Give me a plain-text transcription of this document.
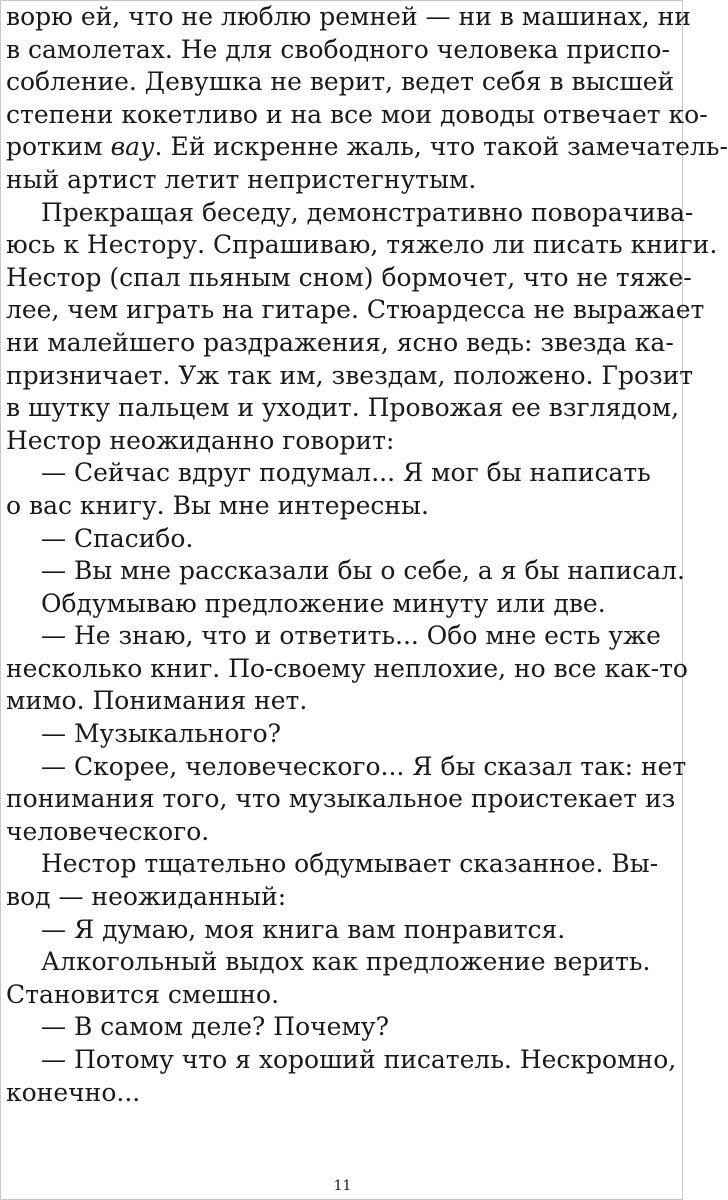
ворю ей, что не люблю ремней — ни в машинах, ни
в самолетах. Не для свободного человека приспо-
собление. Девушка не верит, ведет себя в высшей
степени кокетливо и на все мои доводы отвечает ко-
ротким вау. Ей искренне жаль, что такой замечатель-
ный артист летит непристегнутым.
Прекращая беседу, демонстративно поворачива-
юсь к Нестору. Спрашиваю, тяжело ли писать книги.
Нестор (спал пьяным сном) бормочет, что не тяже-
лее, чем играть на гитаре. Стюардесса не выражает
ни малейшего раздражения, ясно ведь: звезда ка-
призничает. Уж так им, звездам, положено. Грозит
в шутку пальцем и уходит. Провожая ее взглядом,
Нестор неожиданно говорит:
— Сейчас вдруг подумал... Я мог бы написать
о вас книгу. Вы мне интересны.
— Спасибо.
— Вы мне рассказали бы о себе, а я бы написал.
Обдумываю предложение минуту или две.
— Не знаю, что и ответить... Обо мне есть уже
несколько книг. По-своему неплохие, но все как-то
мимо. Понимания нет.
— Музыкального?
— Скорее, человеческого... Я бы сказал так: нет
понимания того, что музыкальное проистекает из
человеческого.
Нестор тщательно обдумывает сказанное. Вы-
вод — неожиданный:
— Я думаю, моя книга вам понравится.
Алкогольный выдох как предложение верить.
Становится смешно.
— В самом деле? Почему?
— Потому что я хороший писатель. Нескромно,
конечно...
11
